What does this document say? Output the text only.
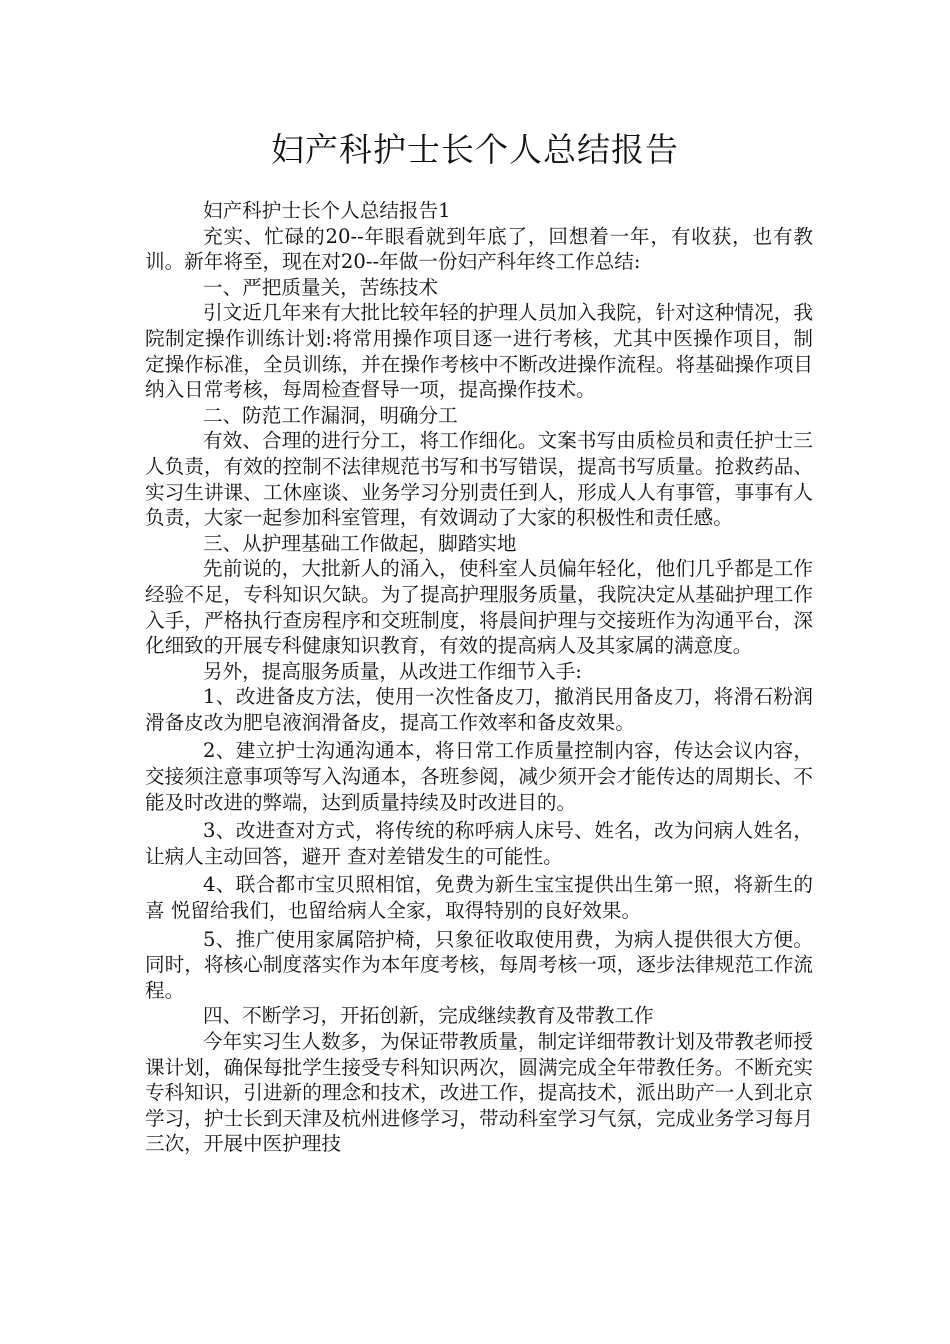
妇产科护士长个人总结报告

妇产科护士长个人总结报告1

充实、忙碌的20--年眼看就到年底了，回想着一年，有收获，也有教训。新年将至，现在对20--年做一份妇产科年终工作总结:

一、严把质量关，苦练技术

引文近几年来有大批比较年轻的护理人员加入我院，针对这种情况，我院制定操作训练计划:将常用操作项目逐一进行考核，尤其中医操作项目，制定操作标准，全员训练，并在操作考核中不断改进操作流程。将基础操作项目纳入日常考核，每周检查督导一项，提高操作技术。

二、防范工作漏洞，明确分工

有效、合理的进行分工，将工作细化。文案书写由质检员和责任护士三人负责，有效的控制不法律规范书写和书写错误，提高书写质量。抢救药品、实习生讲课、工休座谈、业务学习分别责任到人，形成人人有事管，事事有人负责，大家一起参加科室管理，有效调动了大家的积极性和责任感。

三、从护理基础工作做起，脚踏实地

先前说的，大批新人的涌入，使科室人员偏年轻化，他们几乎都是工作经验不足，专科知识欠缺。为了提高护理服务质量，我院决定从基础护理工作入手，严格执行查房程序和交班制度，将晨间护理与交接班作为沟通平台，深化细致的开展专科健康知识教育，有效的提高病人及其家属的满意度。

另外，提高服务质量，从改进工作细节入手:

1、改进备皮方法，使用一次性备皮刀，撤消民用备皮刀，将滑石粉润滑备皮改为肥皂液润滑备皮，提高工作效率和备皮效果。

2、建立护士沟通沟通本，将日常工作质量控制内容，传达会议内容，交接须注意事项等写入沟通本，各班参阅，减少须开会才能传达的周期长、不能及时改进的弊端，达到质量持续及时改进目的。

3、改进查对方式，将传统的称呼病人床号、姓名，改为问病人姓名，让病人主动回答，避开 查对差错发生的可能性。

4、联合都市宝贝照相馆，免费为新生宝宝提供出生第一照，将新生的喜 悦留给我们，也留给病人全家，取得特别的良好效果。

5、推广使用家属陪护椅，只象征收取使用费，为病人提供很大方便。同时，将核心制度落实作为本年度考核，每周考核一项，逐步法律规范工作流程。

四、不断学习，开拓创新，完成继续教育及带教工作

今年实习生人数多，为保证带教质量，制定详细带教计划及带教老师授课计划，确保每批学生接受专科知识两次，圆满完成全年带教任务。不断充实专科知识，引进新的理念和技术，改进工作，提高技术，派出助产一人到北京学习，护士长到天津及杭州进修学习，带动科室学习气氛，完成业务学习每月三次，开展中医护理技
